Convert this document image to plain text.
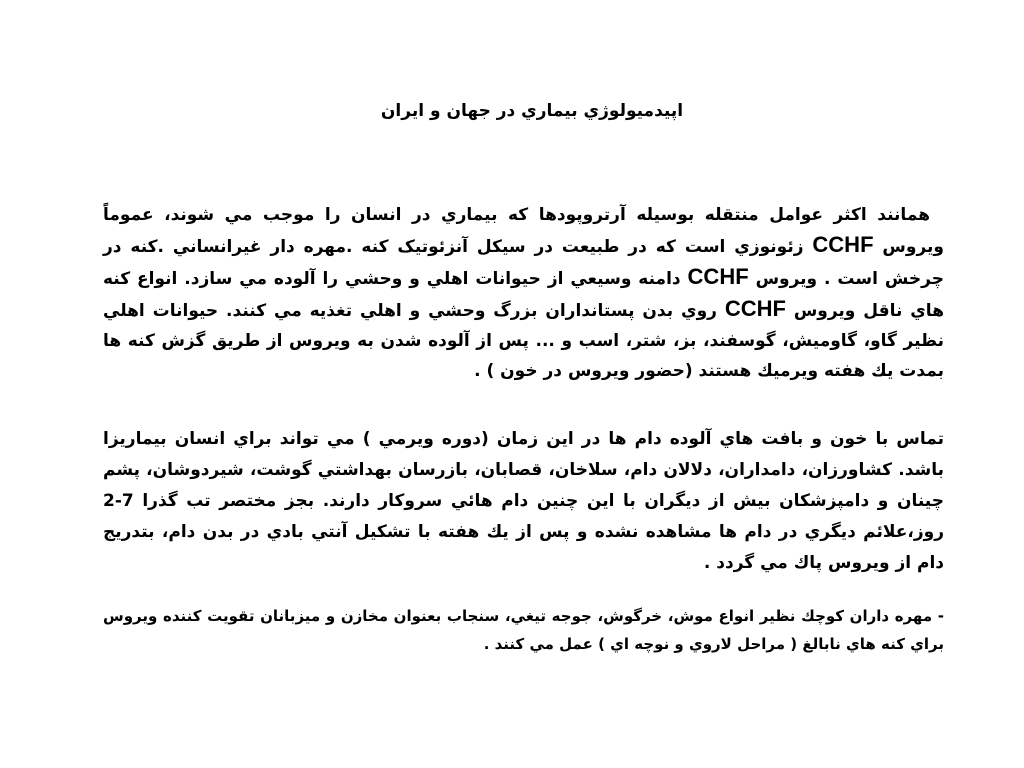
اپيدميولوژي بيماري در جهان و ايران

همانند اکثر عوامل منتقله بوسيله آرتروپودها که بيماري در انسان را موجب مي شوند، عموماً ويروس CCHF زئونوزي است که در طبيعت در سيکل آنزئوتيک کنه .مهره دار غيرانساني .کنه در چرخش است . ويروس CCHF دامنه وسيعي از حيوانات اهلي و وحشي را آلوده مي سازد. انواع کنه هاي ناقل ويروس CCHF روي بدن پستانداران بزرگ وحشي و اهلي تغذيه مي کنند. حيوانات اهلي نظير گاو، گاوميش، گوسفند، بز، شتر، اسب و ... پس از آلوده شدن به ويروس از طريق گزش کنه ها بمدت يك هفته ويرميك هستند (حضور ويروس در خون ) .

تماس با خون و بافت هاي آلوده دام ها در اين زمان (دوره ويرمي ) مي تواند براي انسان بيماريزا باشد. کشاورزان، دامداران، دلالان دام، سلاخان، قصابان، بازرسان بهداشتي گوشت، شيردوشان، پشم چينان و دامپزشکان بيش از ديگران با اين چنين دام هائي سروکار دارند. بجز مختصر تب گذرا 7-2 روز،علائم ديگري در دام ها مشاهده نشده و پس از يك هفته با تشکيل آنتي بادي در بدن دام، بتدريج دام از ويروس پاك مي گردد .

- مهره داران کوچك نظير انواع موش، خرگوش، جوجه تيغي، سنجاب بعنوان مخازن و ميزبانان تقويت کننده ويروس براي کنه هاي نابالغ ( مراحل لاروي و نوچه اي ) عمل مي کنند .
